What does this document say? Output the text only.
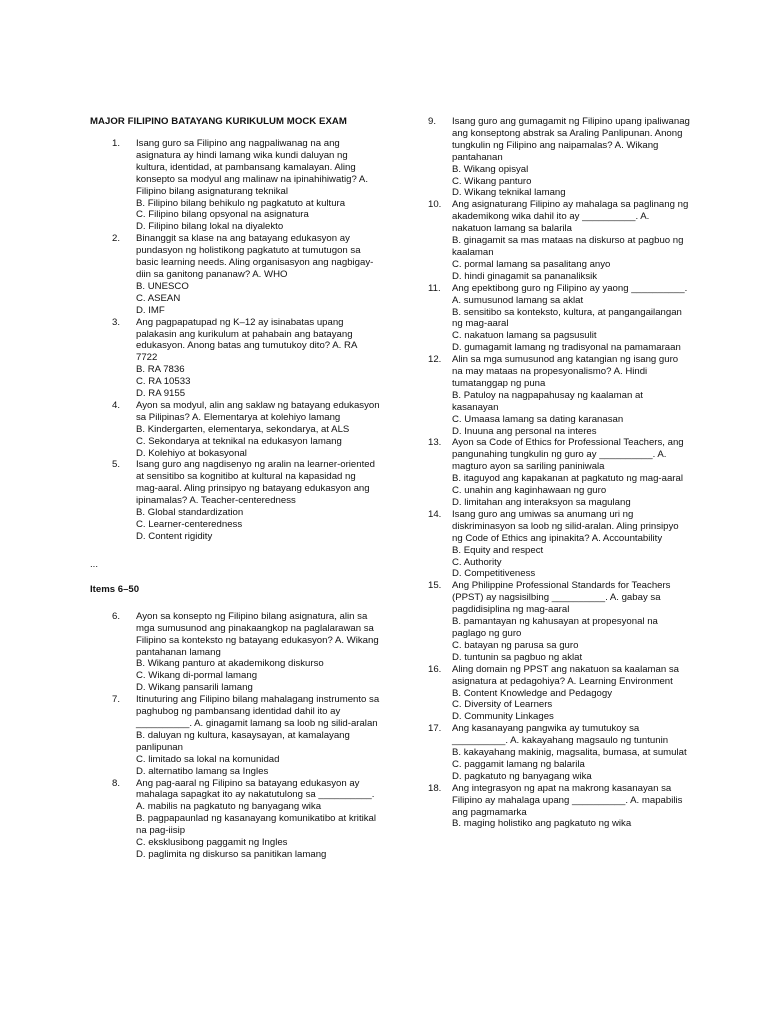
MAJOR FILIPINO BATAYANG KURIKULUM MOCK EXAM
1. Isang guro sa Filipino ang nagpaliwanag na ang asignatura ay hindi lamang wika kundi daluyan ng kultura, identidad, at pambansang kamalayan. Aling konsepto sa modyul ang malinaw na ipinahihiwatig? A. Filipino bilang asignaturang teknikal
B. Filipino bilang behikulo ng pagkatuto at kultura
C. Filipino bilang opsyonal na asignatura
D. Filipino bilang lokal na diyalekto
2. Binanggit sa klase na ang batayang edukasyon ay pundasyon ng holistikong pagkatuto at tumutugon sa basic learning needs. Aling organisasyon ang nagbigay-diin sa ganitong pananaw? A. WHO
B. UNESCO
C. ASEAN
D. IMF
3. Ang pagpapatupad ng K–12 ay isinabatas upang palakasin ang kurikulum at pahabain ang batayang edukasyon. Anong batas ang tumutukoy dito? A. RA 7722
B. RA 7836
C. RA 10533
D. RA 9155
4. Ayon sa modyul, alin ang saklaw ng batayang edukasyon sa Pilipinas? A. Elementarya at kolehiyo lamang
B. Kindergarten, elementarya, sekondarya, at ALS
C. Sekondarya at teknikal na edukasyon lamang
D. Kolehiyo at bokasyonal
5. Isang guro ang nagdisenyo ng aralin na learner-oriented at sensitibo sa kognitibo at kultural na kapasidad ng mag-aaral. Aling prinsipyo ng batayang edukasyon ang ipinamalas? A. Teacher-centeredness
B. Global standardization
C. Learner-centeredness
D. Content rigidity
...
Items 6–50
6. Ayon sa konsepto ng Filipino bilang asignatura, alin sa mga sumusunod ang pinakaangkop na paglalarawan sa Filipino sa kontekstο ng batayang edukasyon? A. Wikang pantahanan lamang
B. Wikang panturo at akademikong diskurso
C. Wikang di-pormal lamang
D. Wikang pansarili lamang
7. Itinuturing ang Filipino bilang mahalagang instrumento sa paghubog ng pambansang identidad dahil ito ay __________. A. ginagamit lamang sa loob ng silid-aralan
B. daluyan ng kultura, kasaysayan, at kamalayang panlipunan
C. limitado sa lokal na komunidad
D. alternatibo lamang sa Ingles
8. Ang pag-aaral ng Filipino sa batayang edukasyon ay mahalaga sapagkat ito ay nakatutulong sa __________. A. mabilis na pagkatuto ng banyagang wika
B. pagpapaunlad ng kasanayang komunikatibo at kritikal na pag-iisip
C. eksklusibong paggamit ng Ingles
D. paglimita ng diskurso sa panitikan lamang
9. Isang guro ang gumagamit ng Filipino upang ipaliwanag ang konseptong abstrak sa Araling Panlipunan. Anong tungkulin ng Filipino ang naipamalas? A. Wikang pantahanan
B. Wikang opisyal
C. Wikang panturo
D. Wikang teknikal lamang
10. Ang asignaturang Filipino ay mahalaga sa paglinang ng akademikong wika dahil ito ay __________. A. nakatuon lamang sa balarila
B. ginagamit sa mas mataas na diskurso at pagbuo ng kaalaman
C. pormal lamang sa pasalitang anyo
D. hindi ginagamit sa pananaliksik
11. Ang epektibong guro ng Filipino ay yaong __________. A. sumusunod lamang sa aklat
B. sensitibo sa konteksto, kultura, at pangangailangan ng mag-aaral
C. nakatuon lamang sa pagsusulit
D. gumagamit lamang ng tradisyonal na pamamaraan
12. Alin sa mga sumusunod ang katangian ng isang guro na may mataas na propesyonalismo? A. Hindi tumatanggap ng puna
B. Patuloy na nagpapahusay ng kaalaman at kasanayan
C. Umaasa lamang sa dating karanasan
D. Inuuna ang personal na interes
13. Ayon sa Code of Ethics for Professional Teachers, ang pangunahing tungkulin ng guro ay __________. A. magturo ayon sa sariling paniniwala
B. itaguyod ang kapakanan at pagkatuto ng mag-aaral
C. unahin ang kaginhawaan ng guro
D. limitahan ang interaksyon sa magulang
14. Isang guro ang umiwas sa anumang uri ng diskriminasyon sa loob ng silid-aralan. Aling prinsipyo ng Code of Ethics ang ipinakita? A. Accountability
B. Equity and respect
C. Authority
D. Competitiveness
15. Ang Philippine Professional Standards for Teachers (PPST) ay nagsisilbing __________. A. gabay sa pagdidisiplina ng mag-aaral
B. pamantayan ng kahusayan at propesyonal na paglago ng guro
C. batayan ng parusa sa guro
D. tuntunin sa pagbuo ng aklat
16. Aling domain ng PPST ang nakatuon sa kaalaman sa asignatura at pedagohiya? A. Learning Environment
B. Content Knowledge and Pedagogy
C. Diversity of Learners
D. Community Linkages
17. Ang kasanayang pangwika ay tumutukoy sa __________. A. kakayahang magsaulo ng tuntunin
B. kakayahang makinig, magsalita, bumasa, at sumulat
C. paggamit lamang ng balarila
D. pagkatuto ng banyagang wika
18. Ang integrasyon ng apat na makrong kasanayan sa Filipino ay mahalaga upang __________. A. mapabilis ang pagmamarka
B. maging holistiko ang pagkatuto ng wika
